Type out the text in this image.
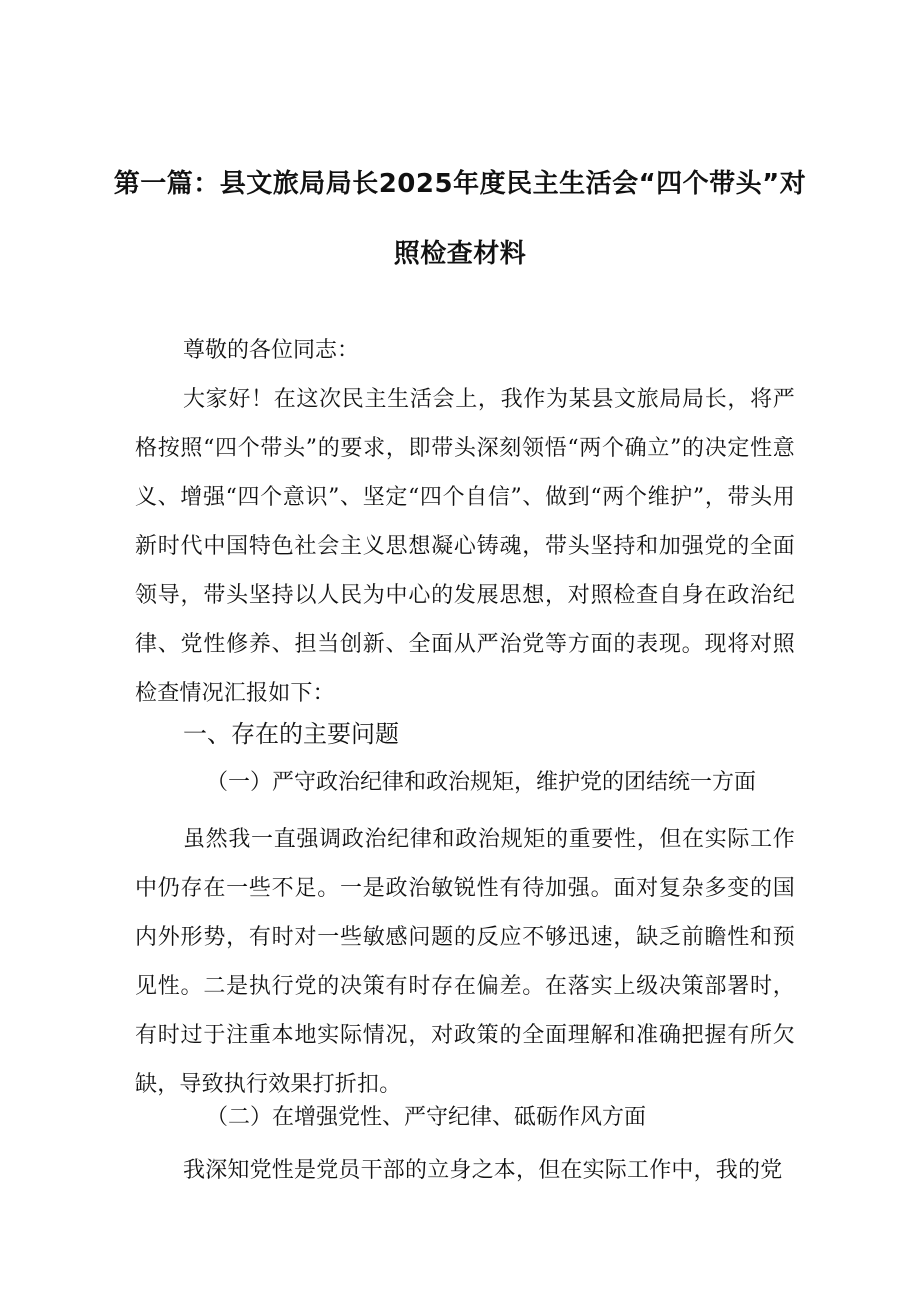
第一篇：县文旅局局长2025年度民主生活会“四个带头”对
照检查材料
尊敬的各位同志：
大家好！在这次民主生活会上，我作为某县文旅局局长，将严格按照“四个带头”的要求，即带头深刻领悟“两个确立”的决定性意义、增强“四个意识”、坚定“四个自信”、做到“两个维护”，带头用新时代中国特色社会主义思想凝心铸魂，带头坚持和加强党的全面领导，带头坚持以人民为中心的发展思想，对照检查自身在政治纪律、党性修养、担当创新、全面从严治党等方面的表现。现将对照检查情况汇报如下：
一、存在的主要问题
（一）严守政治纪律和政治规矩，维护党的团结统一方面
虽然我一直强调政治纪律和政治规矩的重要性，但在实际工作中仍存在一些不足。一是政治敏锐性有待加强。面对复杂多变的国内外形势，有时对一些敏感问题的反应不够迅速，缺乏前瞻性和预见性。二是执行党的决策有时存在偏差。在落实上级决策部署时，有时过于注重本地实际情况，对政策的全面理解和准确把握有所欠缺，导致执行效果打折扣。
（二）在增强党性、严守纪律、砥砺作风方面
我深知党性是党员干部的立身之本，但在实际工作中，我的党
